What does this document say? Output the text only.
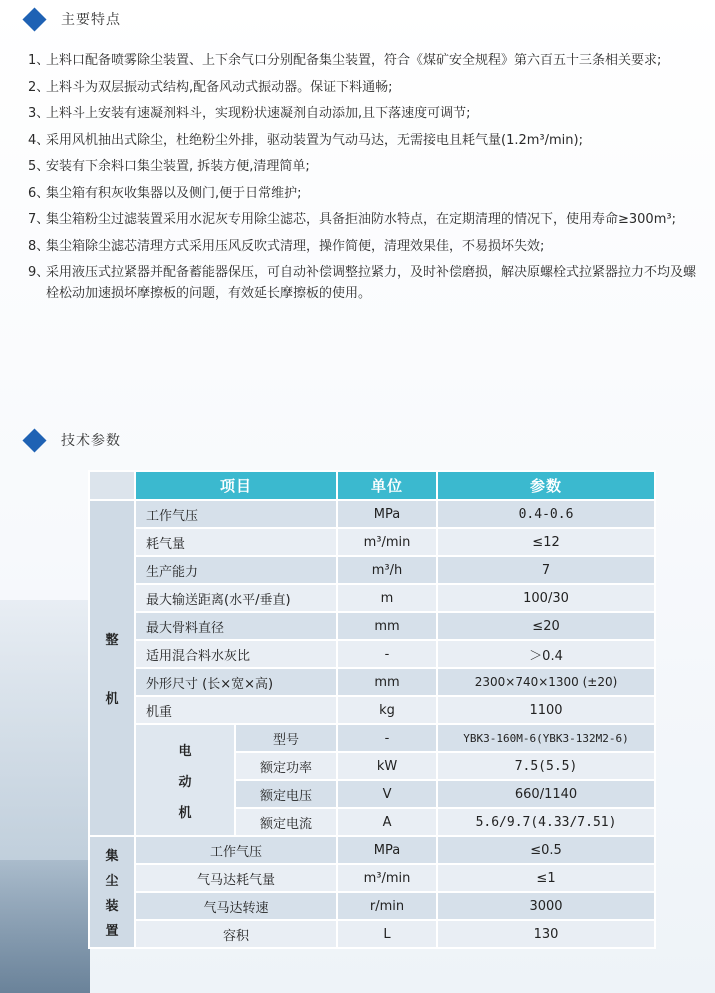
主要特点
1、
上料口配备喷雾除尘装置、上下余气口分别配备集尘装置，符合《煤矿安全规程》第六百五十三条相关要求;
2、
上料斗为双层振动式结构,配备风动式振动器。保证下料通畅;
3、
上料斗上安装有速凝剂料斗，实现粉状速凝剂自动添加,且下落速度可调节;
4、
采用风机抽出式除尘，杜绝粉尘外排，驱动装置为气动马达，无需接电且耗气量(1.2m³/min);
5、
安装有下余料口集尘装置, 拆装方便,清理简单;
6、
集尘箱有积灰收集器以及侧门,便于日常维护;
7、
集尘箱粉尘过滤装置采用水泥灰专用除尘滤芯，具备拒油防水特点，在定期清理的情况下，使用寿命≥300m³;
8、
集尘箱除尘滤芯清理方式采用压风反吹式清理，操作简便，清理效果佳，不易损坏失效;
9、
采用液压式拉紧器并配备蓄能器保压，可自动补偿调整拉紧力，及时补偿磨损，解决原螺栓式拉紧器拉力不均及螺栓松动加速损坏摩擦板的问题，有效延长摩擦板的使用。
技术参数
	项目		单位	参数

整
机	工作气压		MPa	0.4-0.6
	耗气量		m³/min	≤12
	生产能力		m³/h	7
	最大输送距离(水平/垂直)		m	100/30
	最大骨料直径		mm	≤20
	适用混合料水灰比		-	＞0.4
	外形尺寸 (长×宽×高)		mm	2300×740×1300 (±20)
	机重		kg	1100

	电
动
机	型号	-	YBK3-160M-6(YBK3-132M2-6)
		额定功率	kW	7.5(5.5)
		额定电压	V	660/1140
		额定电流	A	5.6/9.7(4.33/7.51)

集
尘
装
置	工作气压		MPa	≤0.5
	气马达耗气量		m³/min	≤1
	气马达转速		r/min	3000
	容积		L	130
